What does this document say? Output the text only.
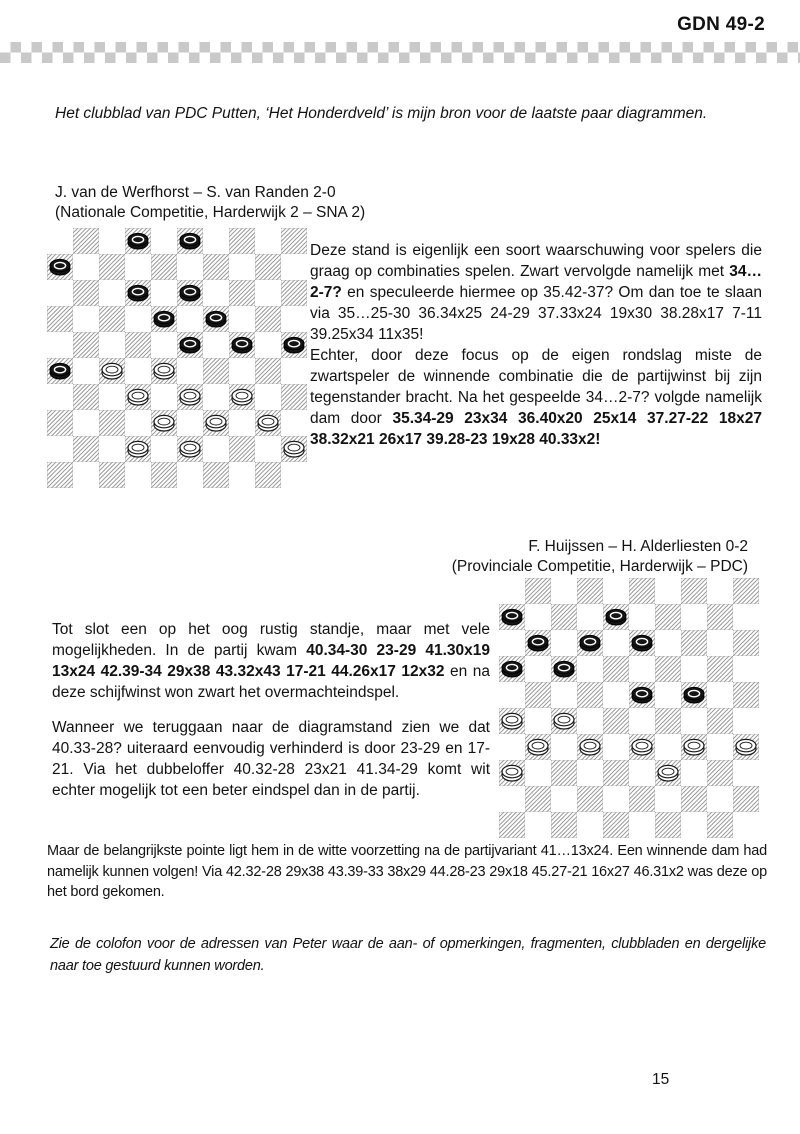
GDN 49-2

Het clubblad van PDC Putten, ‘Het Honderdveld’ is mijn bron voor de laatste paar diagrammen.

J. van de Werfhorst – S. van Randen 2-0
(Nationale Competitie, Harderwijk 2 – SNA 2)

Deze stand is eigenlijk een soort waarschuwing voor spelers die graag op combinaties spelen. Zwart vervolgde namelijk met 34…2-7? en speculeerde hiermee op 35.42-37? Om dan toe te slaan via 35…25-30 36.34x25 24-29 37.33x24 19x30 38.28x17 7-11 39.25x34 11x35!

Echter, door deze focus op de eigen rondslag miste de zwartspeler de winnende combinatie die de partijwinst bij zijn tegenstander bracht. Na het gespeelde 34…2-7? volgde namelijk dam door 35.34-29 23x34 36.40x20 25x14 37.27-22 18x27 38.32x21 26x17 39.28-23 19x28 40.33x2!

F. Huijssen – H. Alderliesten 0-2
(Provinciale Competitie, Harderwijk – PDC)

Tot slot een op het oog rustig standje, maar met vele mogelijkheden. In de partij kwam 40.34-30 23-29 41.30x19 13x24 42.39-34 29x38 43.32x43 17-21 44.26x17 12x32 en na deze schijfwinst won zwart het overmachteindspel.

Wanneer we teruggaan naar de diagramstand zien we dat 40.33-28? uiteraard eenvoudig verhinderd is door 23-29 en 17-21. Via het dubbeloffer 40.32-28 23x21 41.34-29 komt wit echter mogelijk tot een beter eindspel dan in de partij.

Maar de belangrijkste pointe ligt hem in de witte voorzetting na de partijvariant 41…13x24. Een winnende dam had namelijk kunnen volgen! Via 42.32-28 29x38 43.39-33 38x29 44.28-23 29x18 45.27-21 16x27 46.31x2 was deze op het bord gekomen.

Zie de colofon voor de adressen van Peter waar de aan- of opmerkingen, fragmenten, clubbladen en dergelijke naar toe gestuurd kunnen worden.

15
